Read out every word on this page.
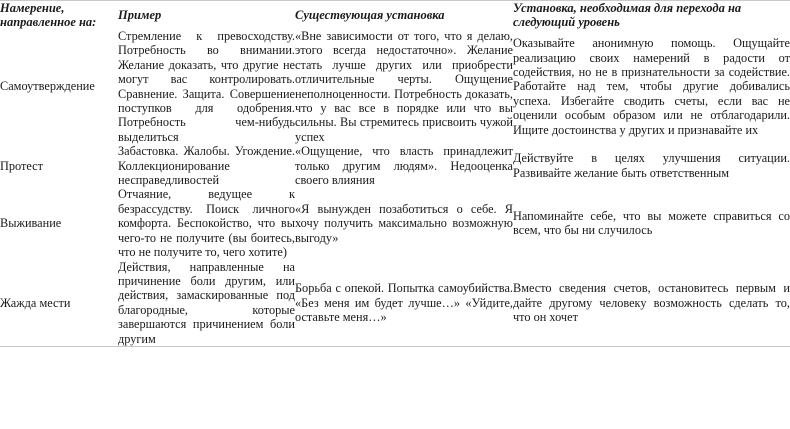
Намерение, направленное на:	Пример	Существующая установка	Установка, необходимая для перехода на следующий уровень
Самоутверждение	Стремление к превосходству. Потребность во внимании. Желание доказать, что другие не могут вас контролировать. Сравнение. Защита. Совершение поступков для одобрения. Потребность чем-нибудь выделиться	«Вне зависимости от того, что я делаю, этого всегда недостаточно». Желание стать лучше других или приобрести отличительные черты. Ощущение неполноценности. Потребность доказать, что у вас все в порядке или что вы сильны. Вы стремитесь присвоить чужой успех	Оказывайте анонимную помощь. Ощущайте реализацию своих намерений в радости от содействия, но не в признательности за содействие. Работайте над тем, чтобы другие добивались успеха. Избегайте сводить счеты, если вас не оценили особым образом или не отблагодарили. Ищите достоинства у других и признавайте их
Протест	Забастовка. Жалобы. Угождение. Коллекционирование несправедливостей	«Ощущение, что власть принадлежит только другим людям». Недооценка своего влияния	Действуйте в целях улучшения ситуации. Развивайте желание быть ответственным
Выживание	Отчаяние, ведущее к безрассудству. Поиск личного комфорта. Беспокойство, что вы чего-то не получите (вы боитесь, что не получите то, чего хотите)	«Я вынужден позаботиться о себе. Я хочу получить максимально возможную выгоду»	Напоминайте себе, что вы можете справиться со всем, что бы ни случилось
Жажда мести	Действия, направленные на причинение боли другим, или действия, замаскированные под благородные, которые завершаются причинением боли другим	Борьба с опекой. Попытка самоубийства. «Без меня им будет лучше…» «Уйдите, оставьте меня…»	Вместо сведения счетов, остановитесь первым и дайте другому человеку возможность сделать то, что он хочет
